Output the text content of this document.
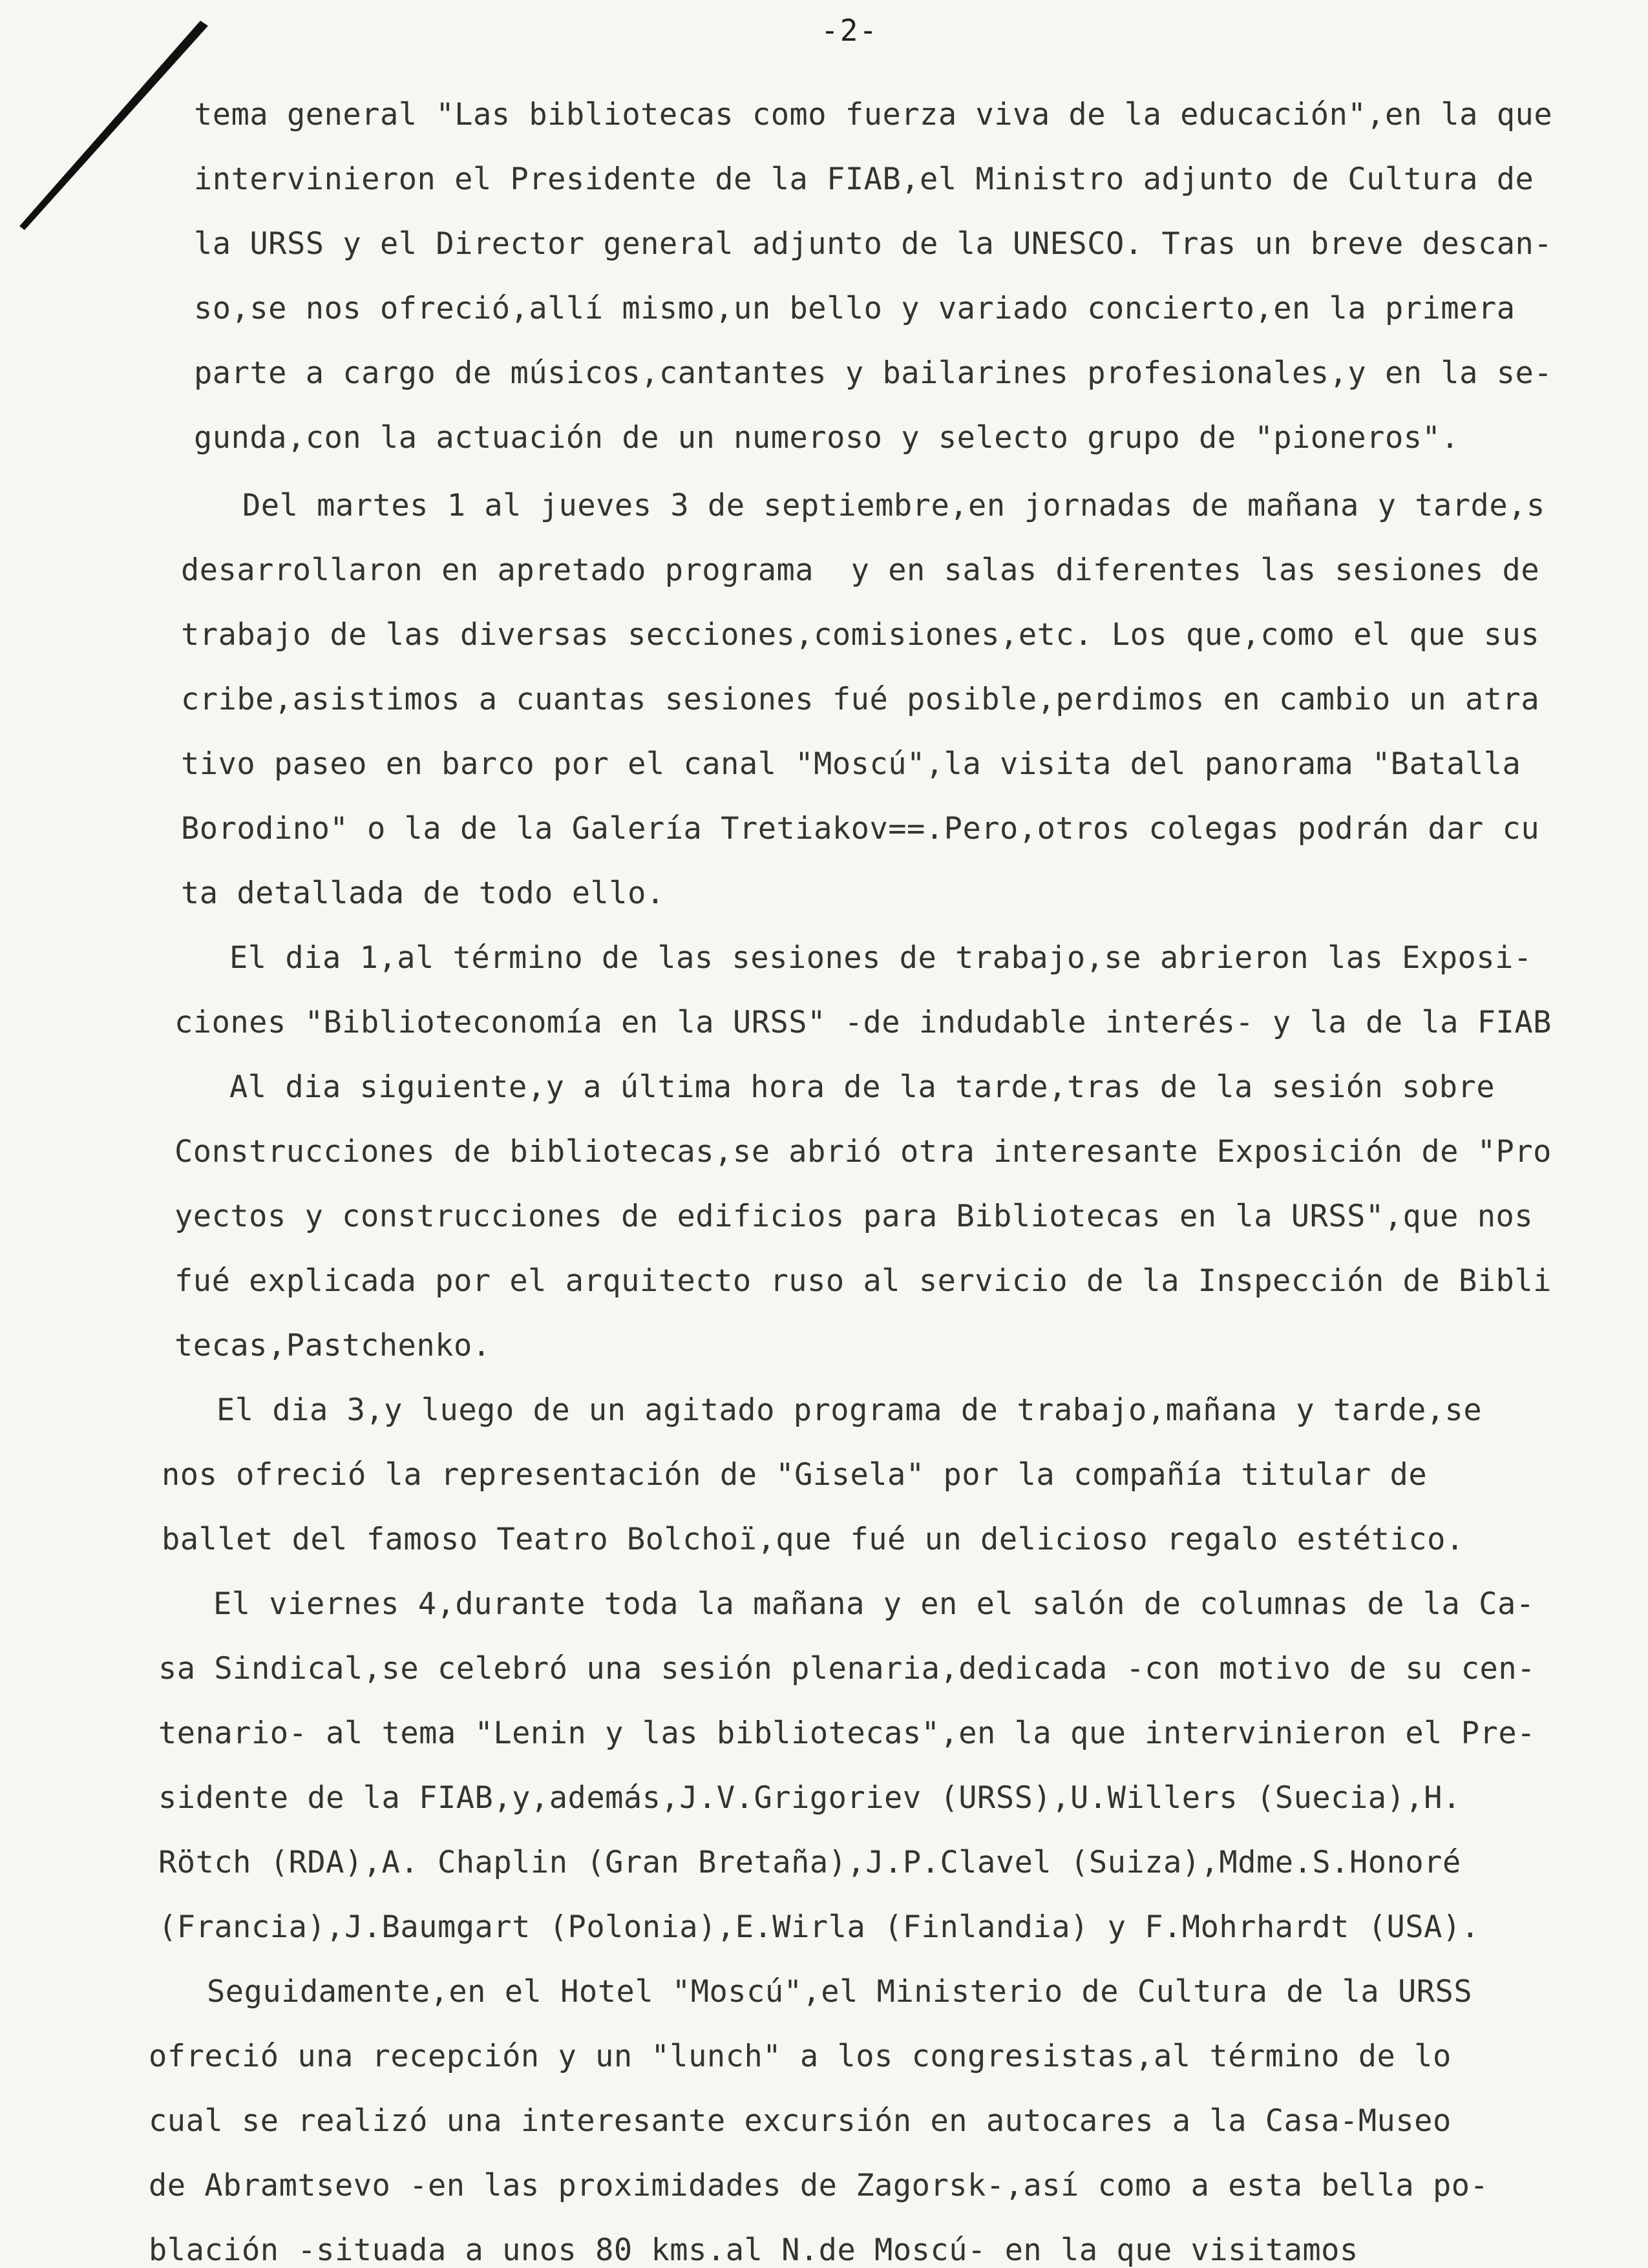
-2-
tema general "Las bibliotecas como fuerza viva de la educación",en la que
intervinieron el Presidente de la FIAB,el Ministro adjunto de Cultura de
la URSS y el Director general adjunto de la UNESCO. Tras un breve descan-
so,se nos ofreció,allí mismo,un bello y variado concierto,en la primera
parte a cargo de músicos,cantantes y bailarines profesionales,y en la se-
gunda,con la actuación de un numeroso y selecto grupo de "pioneros".
Del martes 1 al jueves 3 de septiembre,en jornadas de mañana y tarde,s
desarrollaron en apretado programa  y en salas diferentes las sesiones de
trabajo de las diversas secciones,comisiones,etc. Los que,como el que sus
cribe,asistimos a cuantas sesiones fué posible,perdimos en cambio un atra
tivo paseo en barco por el canal "Moscú",la visita del panorama "Batalla
Borodino" o la de la Galería Tretiakov==.Pero,otros colegas podrán dar cu
ta detallada de todo ello.
El dia 1,al término de las sesiones de trabajo,se abrieron las Exposi-
ciones "Biblioteconomía en la URSS" -de indudable interés- y la de la FIAB
Al dia siguiente,y a última hora de la tarde,tras de la sesión sobre
Construcciones de bibliotecas,se abrió otra interesante Exposición de "Pro
yectos y construcciones de edificios para Bibliotecas en la URSS",que nos
fué explicada por el arquitecto ruso al servicio de la Inspección de Bibli
tecas,Pastchenko.
El dia 3,y luego de un agitado programa de trabajo,mañana y tarde,se
nos ofreció la representación de "Gisela" por la compañía titular de
ballet del famoso Teatro Bolchoï,que fué un delicioso regalo estético.
El viernes 4,durante toda la mañana y en el salón de columnas de la Ca-
sa Sindical,se celebró una sesión plenaria,dedicada -con motivo de su cen-
tenario- al tema "Lenin y las bibliotecas",en la que intervinieron el Pre-
sidente de la FIAB,y,además,J.V.Grigoriev (URSS),U.Willers (Suecia),H.
Rötch (RDA),A. Chaplin (Gran Bretaña),J.P.Clavel (Suiza),Mdme.S.Honoré
(Francia),J.Baumgart (Polonia),E.Wirla (Finlandia) y F.Mohrhardt (USA).
Seguidamente,en el Hotel "Moscú",el Ministerio de Cultura de la URSS
ofreció una recepción y un "lunch" a los congresistas,al término de lo
cual se realizó una interesante excursión en autocares a la Casa-Museo
de Abramtsevo -en las proximidades de Zagorsk-,así como a esta bella po-
blación -situada a unos 80 kms.al N.de Moscú- en la que visitamos
